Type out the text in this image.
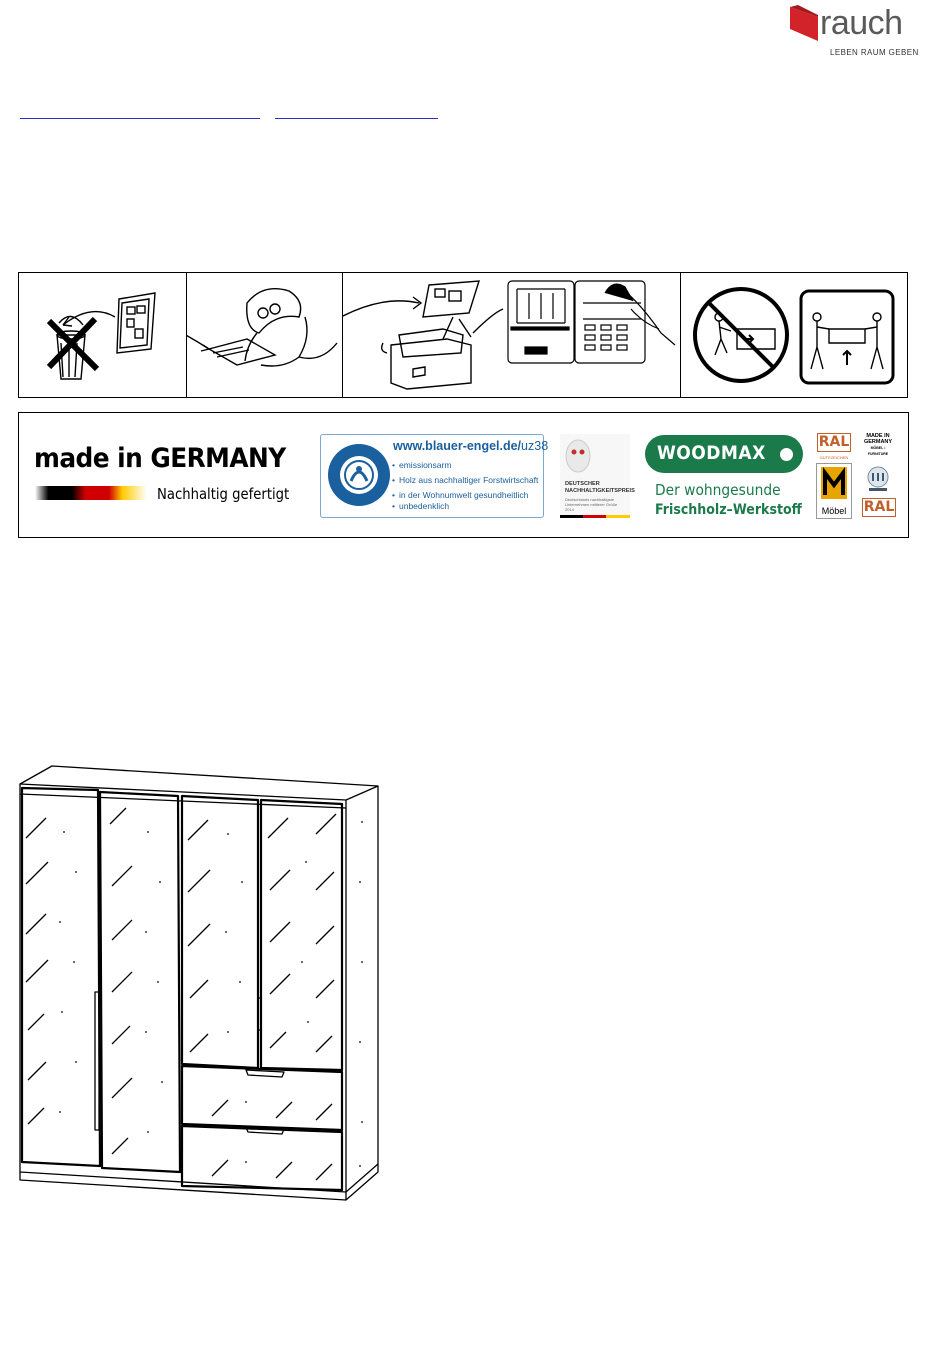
rauch
LEBEN RAUM GEBEN
made in GERMANY
Nachhaltig gefertigt
www.blauer-engel.de/uz38
• emissionsarm
• Holz aus nachhaltiger Forstwirtschaft
• in der Wohnumwelt gesundheitlich
• unbedenklich
DEUTSCHER
NACHHALTIGKEITSPREIS
Deutschlands nachhaltigste Unternehmen mittlerer Größe 2014
WOODMAX
Der wohngesunde
Frischholz–Werkstoff
RAL
GÜTEZEICHEN
Möbel
MADE IN
GERMANY
MÖBEL • FURNITURE
RAL
